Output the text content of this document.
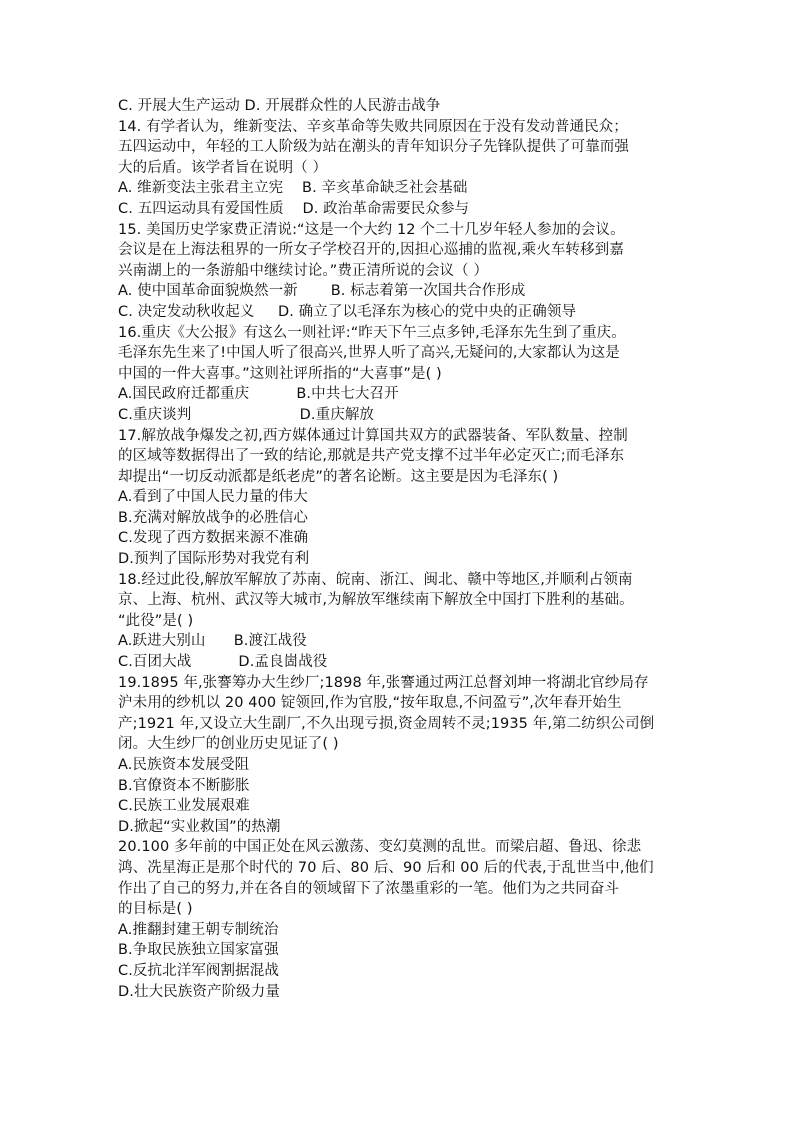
C. 开展大生产运动 D. 开展群众性的人民游击战争
14. 有学者认为，维新变法、辛亥革命等失败共同原因在于没有发动普通民众；
五四运动中，年轻的工人阶级为站在潮头的青年知识分子先锋队提供了可靠而强
大的后盾。该学者旨在说明（ ）
A. 维新变法主张君主立宪    B. 辛亥革命缺乏社会基础
C. 五四运动具有爱国性质    D. 政治革命需要民众参与
15. 美国历史学家费正清说:“这是一个大约 12 个二十几岁年轻人参加的会议。
会议是在上海法租界的一所女子学校召开的,因担心巡捕的监视,乘火车转移到嘉
兴南湖上的一条游船中继续讨论。”费正清所说的会议（ ）
A. 使中国革命面貌焕然一新       B. 标志着第一次国共合作形成
C. 决定发动秋收起义     D. 确立了以毛泽东为核心的党中央的正确领导
16.重庆《大公报》有这么一则社评:“昨天下午三点多钟,毛泽东先生到了重庆。
毛泽东先生来了!中国人听了很高兴,世界人听了高兴,无疑问的,大家都认为这是
中国的一件大喜事。”这则社评所指的“大喜事”是( )
A.国民政府迁都重庆          B.中共七大召开
C.重庆谈判                       D.重庆解放
17.解放战争爆发之初,西方媒体通过计算国共双方的武器装备、军队数量、控制
的区域等数据得出了一致的结论,那就是共产党支撑不过半年必定灭亡;而毛泽东
却提出“一切反动派都是纸老虎”的著名论断。这主要是因为毛泽东( )
A.看到了中国人民力量的伟大
B.充满对解放战争的必胜信心
C.发现了西方数据来源不准确
D.预判了国际形势对我党有利
18.经过此役,解放军解放了苏南、皖南、浙江、闽北、赣中等地区,并顺利占领南
京、上海、杭州、武汉等大城市,为解放军继续南下解放全中国打下胜利的基础。
“此役”是( )
A.跃进大别山      B.渡江战役
C.百团大战          D.孟良崮战役
19.1895 年,张謇筹办大生纱厂;1898 年,张謇通过两江总督刘坤一将湖北官纱局存
沪未用的纱机以 20 400 锭领回,作为官股,“按年取息,不问盈亏”,次年春开始生
产;1921 年,又设立大生副厂,不久出现亏损,资金周转不灵;1935 年,第二纺织公司倒
闭。大生纱厂的创业历史见证了( )
A.民族资本发展受阻
B.官僚资本不断膨胀
C.民族工业发展艰难
D.掀起“实业救国”的热潮
20.100 多年前的中国正处在风云激荡、变幻莫测的乱世。而梁启超、鲁迅、徐悲
鸿、冼星海正是那个时代的 70 后、80 后、90 后和 00 后的代表,于乱世当中,他们
作出了自己的努力,并在各自的领域留下了浓墨重彩的一笔。他们为之共同奋斗
的目标是( )
A.推翻封建王朝专制统治
B.争取民族独立国家富强
C.反抗北洋军阀割据混战
D.壮大民族资产阶级力量
